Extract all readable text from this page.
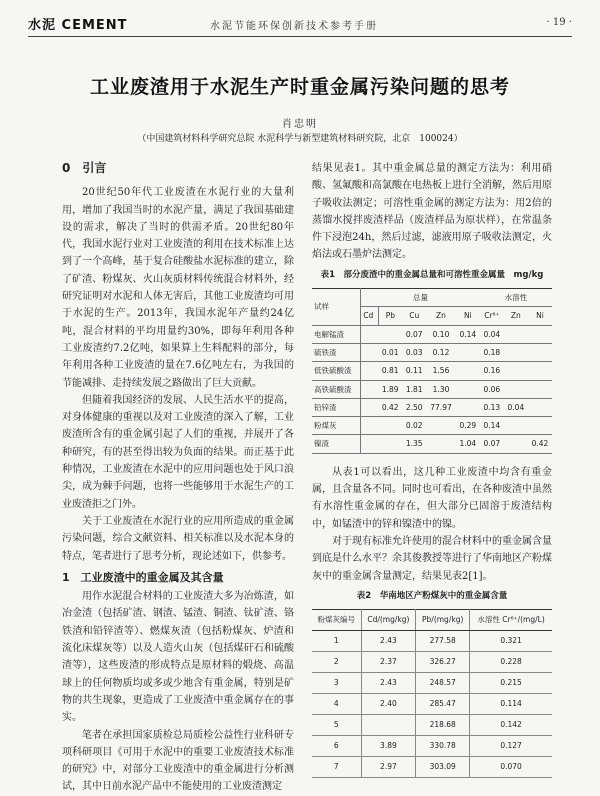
水泥 CEMENT	水泥节能环保创新技术参考手册	· 19 ·
工业废渣用于水泥生产时重金属污染问题的思考
肖忠明
（中国建筑材料科学研究总院 水泥科学与新型建筑材料研究院，北京　100024）
0　引言

20世纪50年代工业废渣在水泥行业的大量利用，增加了我国当时的水泥产量，满足了我国基础建设的需求，解决了当时的供需矛盾。20世纪80年代，我国水泥行业对工业废渣的利用在技术标准上达到了一个高峰，基于复合硅酸盐水泥标准的建立，除了矿渣、粉煤灰、火山灰质材料传统混合材料外，经研究证明对水泥和人体无害后，其他工业废渣均可用于水泥的生产。2013年，我国水泥年产量约24亿吨，混合材料的平均用量约30%，即每年利用各种工业废渣约7.2亿吨，如果算上生料配料的部分，每年利用各种工业废渣的量在7.6亿吨左右，为我国的节能减排、走持续发展之路做出了巨大贡献。

但随着我国经济的发展、人民生活水平的提高，对身体健康的重视以及对工业废渣的深入了解，工业废渣所含有的重金属引起了人们的重视，并展开了各种研究，有的甚至得出较为负面的结果。而正基于此种情况，工业废渣在水泥中的应用问题也处于风口浪尖，成为棘手问题，也将一些能够用于水泥生产的工业废渣拒之门外。

关于工业废渣在水泥行业的应用所造成的重金属污染问题，综合文献资料、相关标准以及水泥本身的特点，笔者进行了思考分析，现论述如下，供参考。

1　工业废渣中的重金属及其含量

用作水泥混合材料的工业废渣大多为冶炼渣，如冶金渣（包括矿渣、钢渣、锰渣、铜渣、钛矿渣、铬铁渣和铅锌渣等）、燃煤灰渣（包括粉煤灰、炉渣和流化床煤灰等）以及人造火山灰（包括煤矸石和硫酸渣等），这些废渣的形成特点是原材料的煅烧、高温球上的任何物质均或多或少地含有重金属，特别是矿物的共生现象，更造成了工业废渣中重金属存在的事实。

笔者在承担国家质检总局质检公益性行业科研专项科研项目《可用于水泥中的重要工业废渣技术标准的研究》中，对部分工业废渣中的重金属进行分析测试，其中日前水泥产品中不能使用的工业废渣测定

结果见表1。其中重金属总量的测定方法为：利用硝酸、氢氟酸和高氯酸在电热板上进行全消解，然后用原子吸收法测定；可溶性重金属的测定方法为：用2倍的蒸馏水搅拌废渣样品（废渣样品为原状样），在常温条件下浸泡24h，然后过滤，滤液用原子吸收法测定，火焰法或石墨炉法测定。

表1　部分废渣中的重金属总量和可溶性重金属量　mg/kg
试样	总量					水溶性		
	Cd	Pb	Cu	Zn	Ni	Cr⁶⁺	Zn	Ni
电解锰渣			0.07	0.10	0.14	0.04		
硫铁渣		0.01	0.03	0.12		0.18		
低铁硫酸渣		0.81	0.11	1.56		0.16		
高铁硫酸渣		1.89	1.81	1.30		0.06		
铅锌渣		0.42	2.50	77.97		0.13	0.04	
粉煤灰			0.02		0.29	0.14		
镍渣			1.35		1.04	0.07		0.42

从表1可以看出，这几种工业废渣中均含有重金属，且含量各不同。同时也可看出，在各种废渣中虽然有水溶性重金属的存在，但大部分已固溶于废渣结构中，如锰渣中的锌和镍渣中的镍。

对于现有标准允许使用的混合材料中的重金属含量到底是什么水平？余其俊教授等进行了华南地区产粉煤灰中的重金属含量测定，结果见表2[1]。

表2　华南地区产粉煤灰中的重金属含量
粉煤灰编号	Cd/(mg/kg)	Pb/(mg/kg)	水溶性 Cr⁶⁺/(mg/L)
1	2.43	277.58	0.321
2	2.37	326.27	0.228
3	2.43	248.57	0.215
4	2.40	285.47	0.114
5		218.68	0.142
6	3.89	330.78	0.127
7	2.97	303.09	0.070
